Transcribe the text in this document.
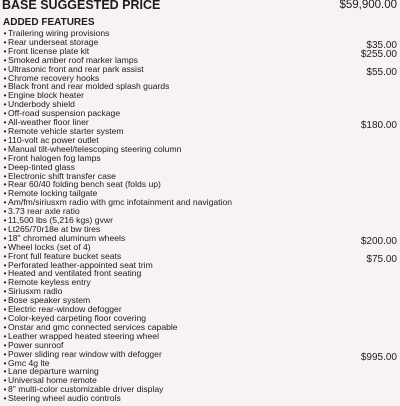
BASE SUGGESTED PRICE	$59,900.00
ADDED FEATURES
• Trailering wiring provisions
• Rear underseat storage	$35.00
• Front license plate kit	$255.00
• Smoked amber roof marker lamps
• Ultrasonic front and rear park assist	$55.00
• Chrome recovery hooks
• Black front and rear molded splash guards
• Engine block heater
• Underbody shield
• Off-road suspension package
• All-weather floor liner	$180.00
• Remote vehicle starter system
• 110-volt ac power outlet
• Manual tilt-wheel/telescoping steering column
• Front halogen fog lamps
• Deep-tinted glass
• Electronic shift transfer case
• Rear 60/40 folding bench seat (folds up)
• Remote locking tailgate
• Am/fm/siriusxm radio with gmc infotainment and navigation
• 3.73 rear axle ratio
• 11,500 lbs (5,216 kgs) gvwr
• Lt265/70r18e at bw tires
• 18" chromed aluminum wheels	$200.00
• Wheel locks (set of 4)
• Front full feature bucket seats	$75.00
• Perforated leather-appointed seat trim
• Heated and ventilated front seating
• Remote keyless entry
• Siriusxm radio
• Bose speaker system
• Electric rear-window defogger
• Color-keyed carpeting floor covering
• Onstar and gmc connected services capable
• Leather wrapped heated steering wheel
• Power sunroof
• Power sliding rear window with defogger	$995.00
• Gmc 4g lte
• Lane departure warning
• Universal home remote
• 8" multi-color customizable driver display
• Steering wheel audio controls
